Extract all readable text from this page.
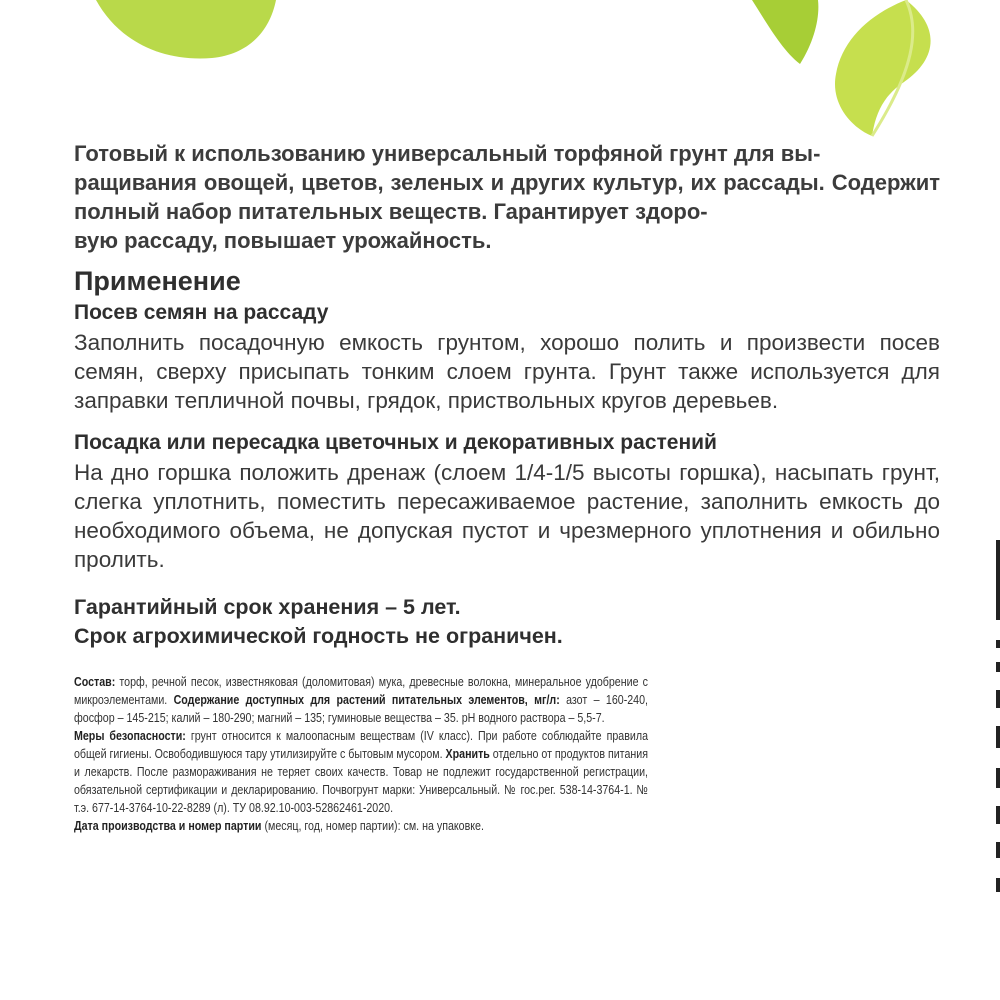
Готовый к использованию универсальный торфяной грунт для вы-
ращивания овощей, цветов, зеленых и других культур, их рассады. Содержит полный набор питательных веществ. Гарантирует здоро-
вую рассаду, повышает урожайность.

Применение
Посев семян на рассаду

Заполнить посадочную емкость грунтом, хорошо полить и произвести посев семян, сверху присыпать тонким слоем грунта. Грунт также используется для заправки тепличной почвы, грядок, приствольных кругов деревьев.

Посадка или пересадка цветочных и декоративных растений

На дно горшка положить дренаж (слоем 1/4-1/5 высоты горшка), насыпать грунт, слегка уплотнить, поместить пересаживаемое растение, заполнить емкость до необходимого объема, не допуская пустот и чрезмерного уплотнения и обильно пролить.

Гарантийный срок хранения – 5 лет.
Срок агрохимической годность не ограничен.

Состав: торф, речной песок, известняковая (доломитовая) мука, древесные волокна, минеральное удобрение с микроэлементами. Содержание доступных для растений питательных элементов, мг/л: азот – 160-240, фосфор – 145-215; калий – 180-290; магний – 135; гуминовые вещества – 35. pH водного раствора – 5,5-7.

Меры безопасности: грунт относится к малоопасным веществам (IV класс). При работе соблюдайте правила общей гигиены. Освободившуюся тару утилизируйте с бытовым мусором. Хранить отдельно от продуктов питания и лекарств. После размораживания не теряет своих качеств. Товар не подлежит государственной регистрации, обязательной сертификации и декларированию. Почвогрунт марки: Универсальный. № гос.рег. 538-14-3764-1. № т.э. 677-14-3764-10-22-8289 (л). ТУ 08.92.10-003-52862461-2020.

Дата производства и номер партии (месяц, год, номер партии): см. на упаковке.
